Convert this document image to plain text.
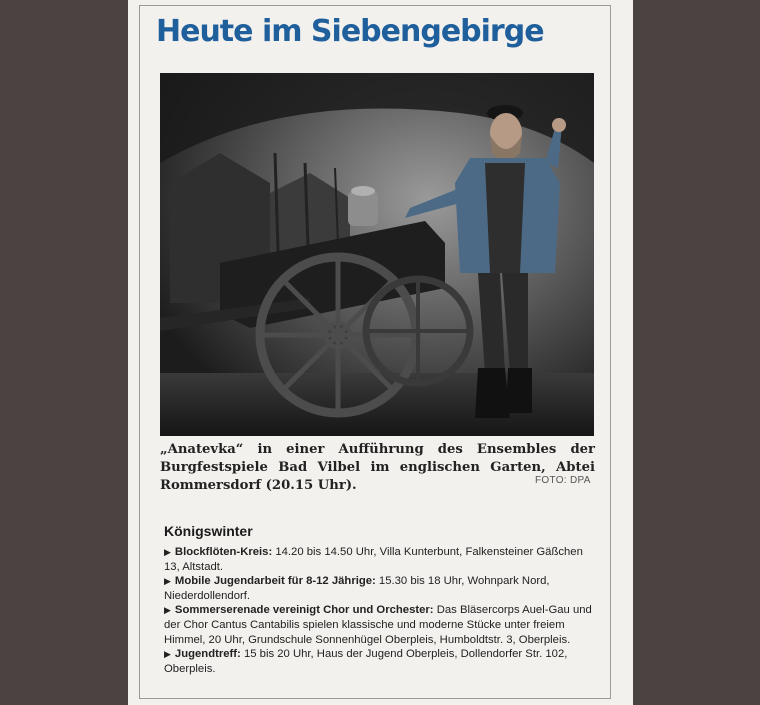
Heute im Siebengebirge
„Anatevka“ in einer Aufführung des Ensembles der Burgfestspiele Bad Vilbel im englischen Garten, Abtei Rommersdorf (20.15 Uhr).	FOTO: DPA
Königswinter

▶ Blockflöten-Kreis: 14.20 bis 14.50 Uhr, Villa Kunterbunt, Falkensteiner Gäßchen 13, Altstadt.

▶ Mobile Jugendarbeit für 8-12 Jährige: 15.30 bis 18 Uhr, Wohnpark Nord, Niederdollendorf.

▶ Sommerserenade vereinigt Chor und Orchester: Das Bläsercorps Auel-Gau und der Chor Cantus Cantabilis spielen klassische und moderne Stücke unter freiem Himmel, 20 Uhr, Grundschule Sonnenhügel Oberpleis, Humboldtstr. 3, Oberpleis.

▶ Jugendtreff: 15 bis 20 Uhr, Haus der Jugend Oberpleis, Dollendorfer Str. 102, Oberpleis.
